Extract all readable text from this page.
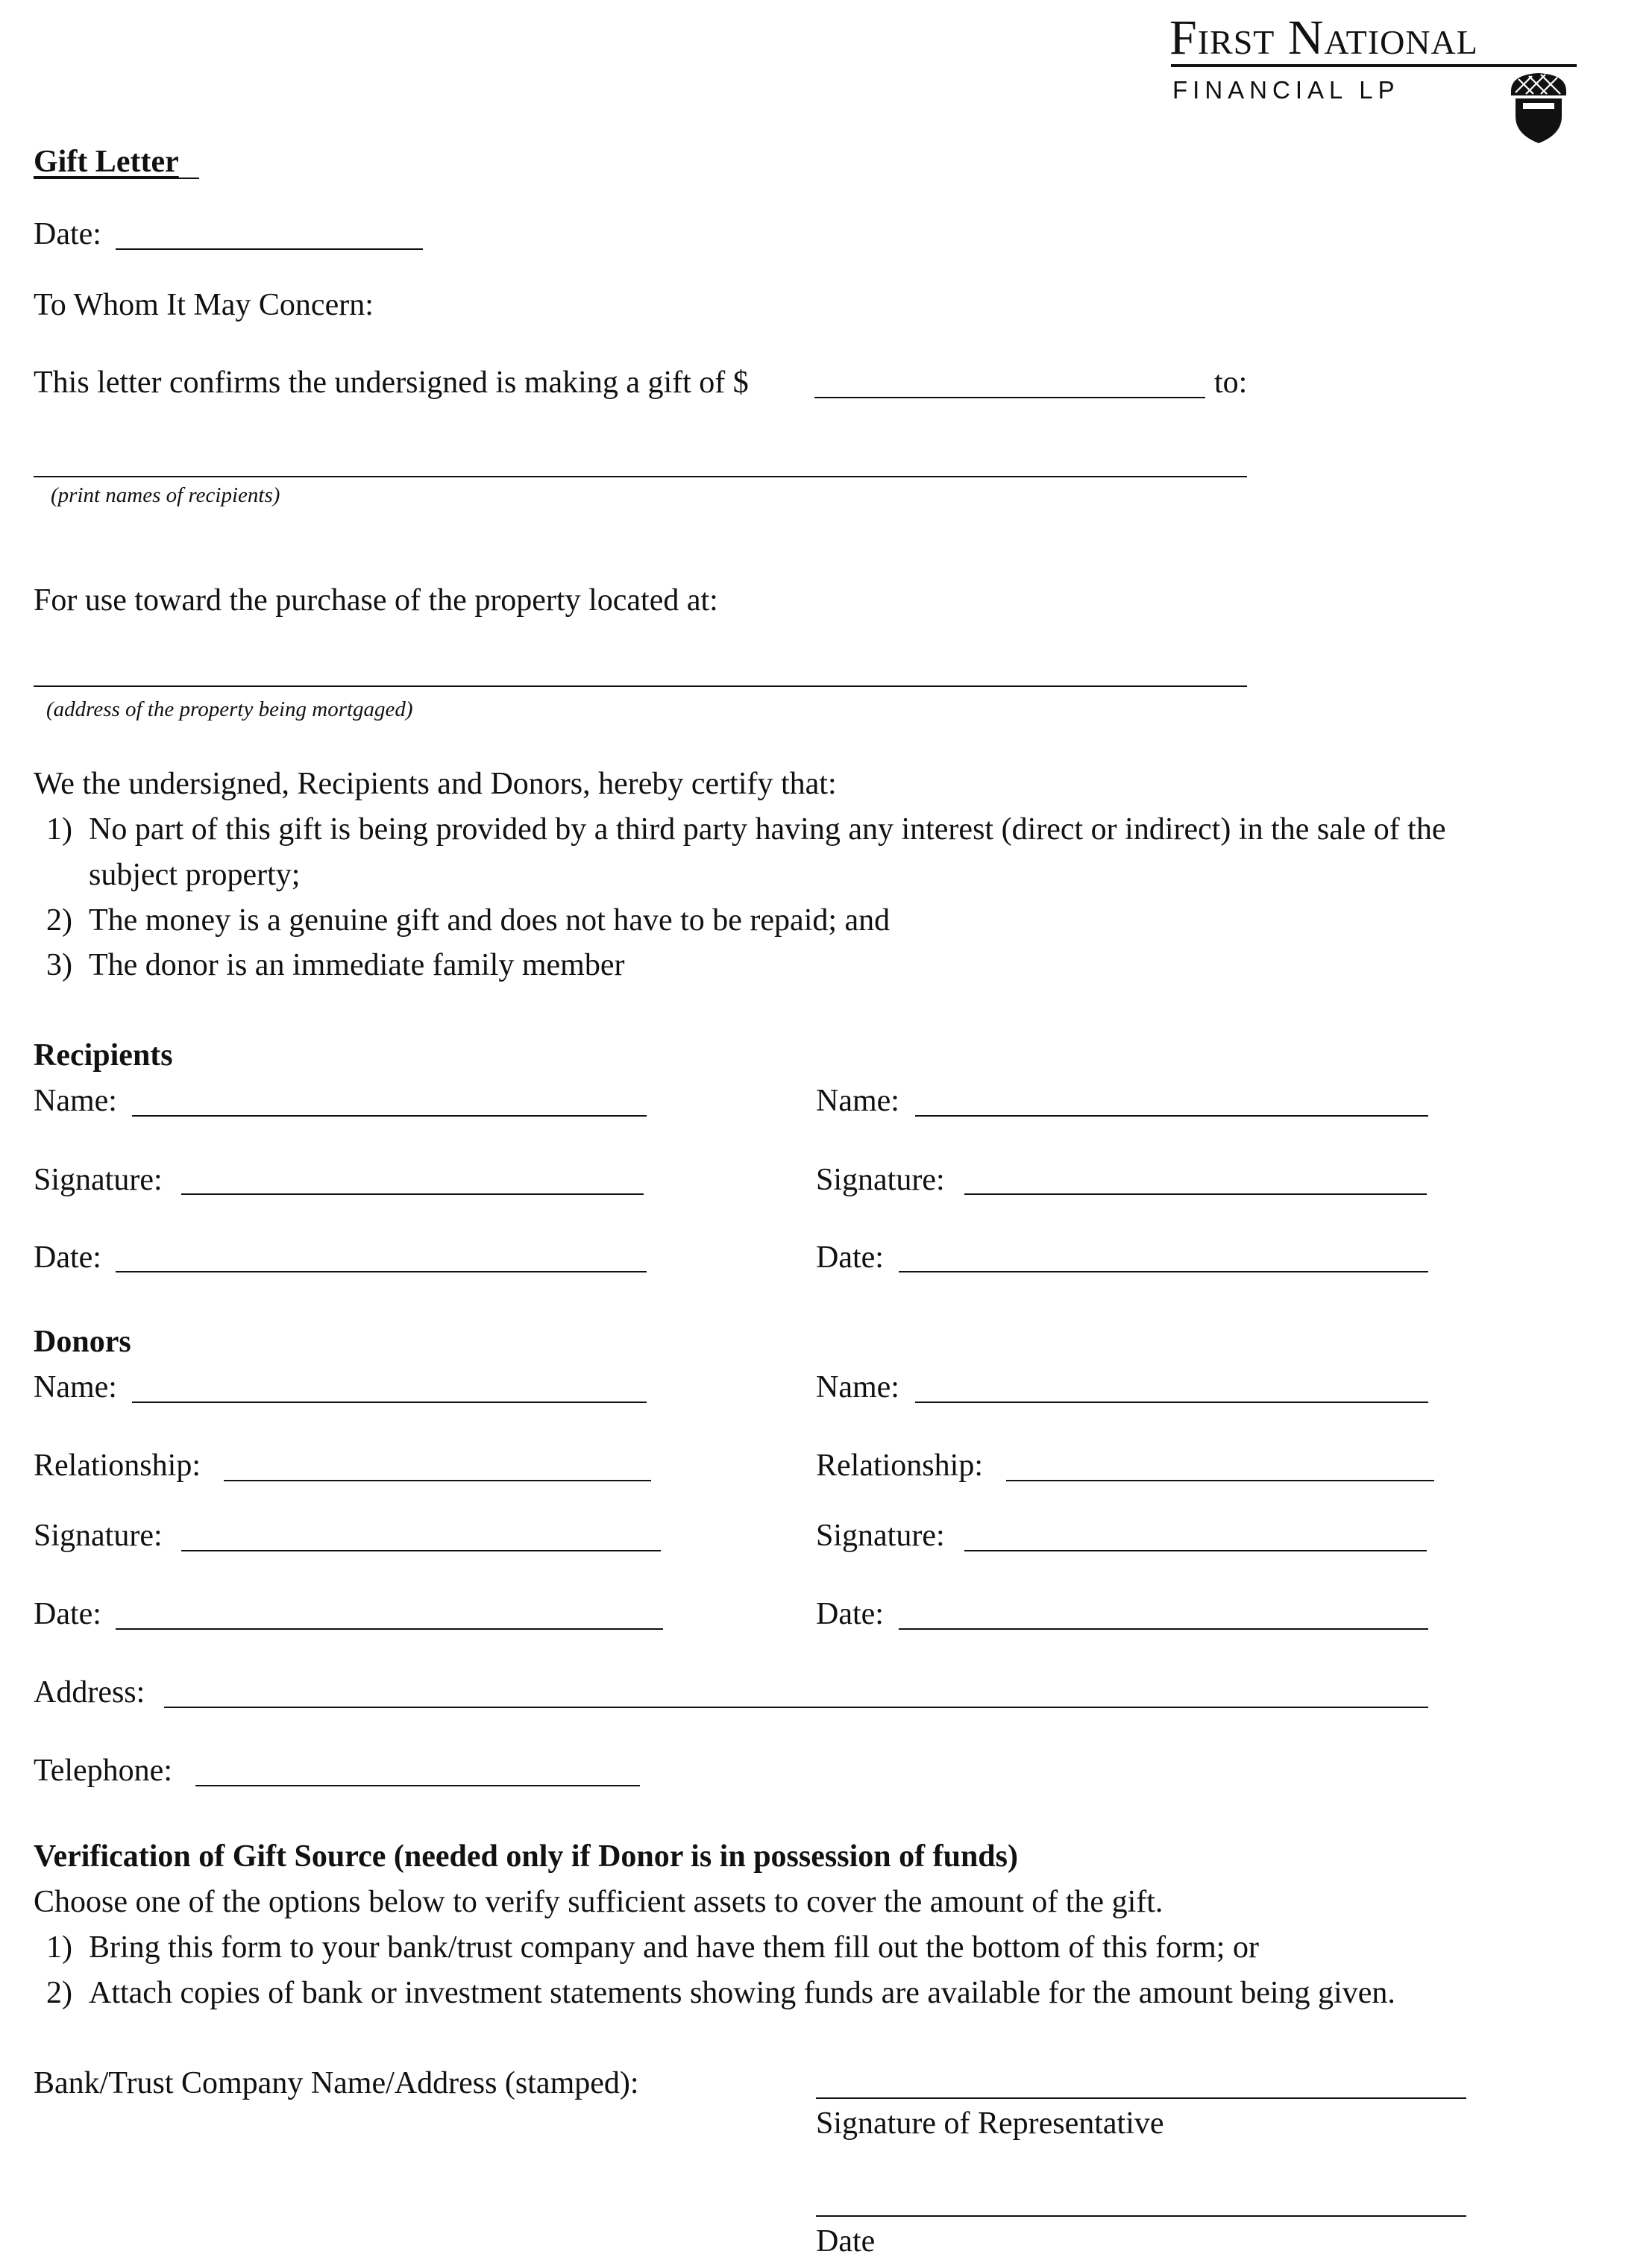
First National
FINANCIAL LP
Gift Letter
Date:
To Whom It May Concern:
This letter confirms the undersigned is making a gift of $	to:
(print names of recipients)
For use toward the purchase of the property located at:
(address of the property being mortgaged)
We the undersigned, Recipients and Donors, hereby certify that:
1) No part of this gift is being provided by a third party having any interest (direct or indirect) in the sale of the
subject property;
2) The money is a genuine gift and does not have to be repaid; and
3) The donor is an immediate family member
Recipients
Name:	Name:
Signature:	Signature:
Date:	Date:
Donors
Name:	Name:
Relationship:	Relationship:
Signature:	Signature:
Date:	Date:
Address:
Telephone:
Verification of Gift Source (needed only if Donor is in possession of funds)
Choose one of the options below to verify sufficient assets to cover the amount of the gift.
1) Bring this form to your bank/trust company and have them fill out the bottom of this form; or
2) Attach copies of bank or investment statements showing funds are available for the amount being given.
Bank/Trust Company Name/Address (stamped):
Signature of Representative
Date
